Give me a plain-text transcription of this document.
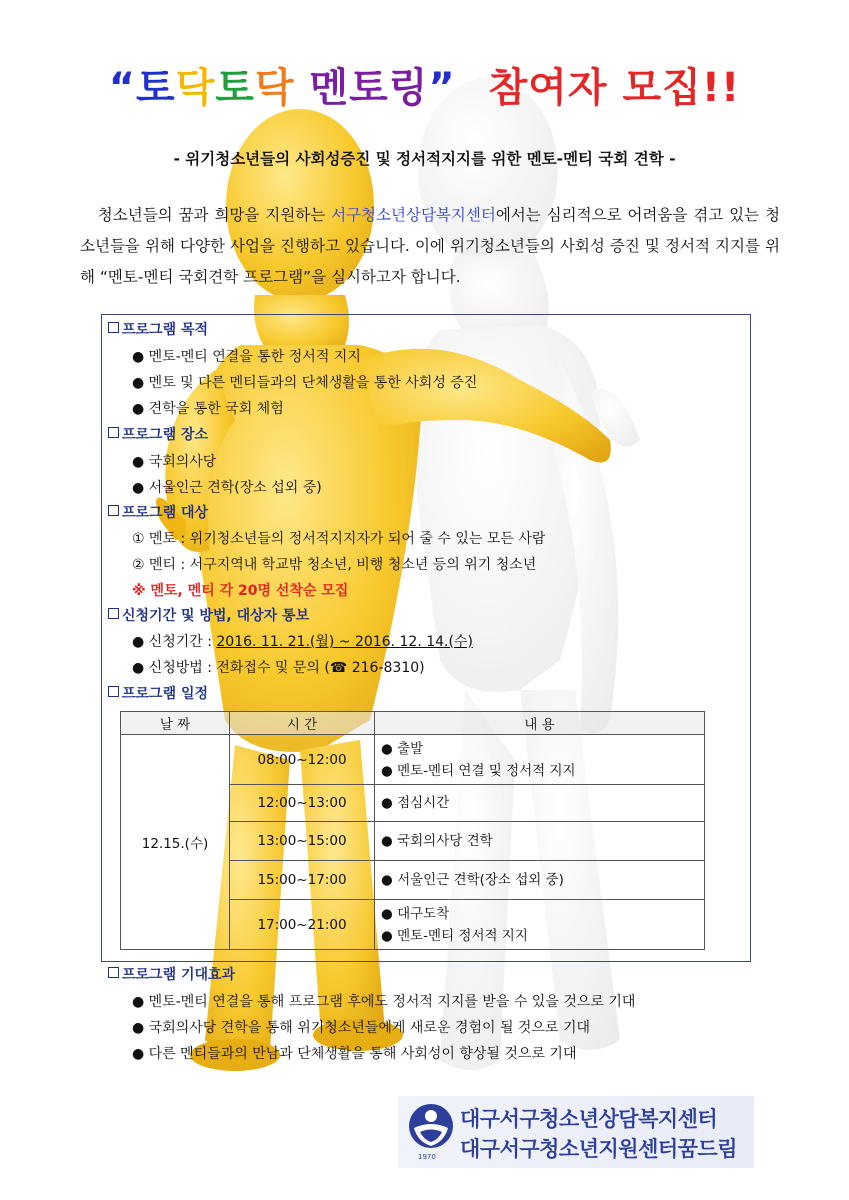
“토닥토닥 멘토링” 참여자 모집!!
- 위기청소년들의 사회성증진 및 정서적지지를 위한 멘토-멘티 국회 견학 -
청소년들의 꿈과 희망을 지원하는 서구청소년상담복지센터에서는 심리적으로 어려움을 겪고 있는 청소년들을 위해 다양한 사업을 진행하고 있습니다. 이에 위기청소년들의 사회성 증진 및 정서적 지지를 위해 “멘토-멘티 국회견학 프로그램”을 실시하고자 합니다.
프로그램 목적
● 멘토-멘티 연결을 통한 정서적 지지
● 멘토 및 다른 멘티들과의 단체생활을 통한 사회성 증진
● 견학을 통한 국회 체험
프로그램 장소
● 국회의사당
● 서울인근 견학(장소 섭외 중)
프로그램 대상
① 멘토 : 위기청소년들의 정서적지지자가 되어 줄 수 있는 모든 사람
② 멘티 : 서구지역내 학교밖 청소년, 비행 청소년 등의 위기 청소년
※ 멘토, 멘티 각 20명 선착순 모집
신청기간 및 방법, 대상자 통보
● 신청기간 : 2016. 11. 21.(월) ~ 2016. 12. 14.(수)
● 신청방법 : 전화접수 및 문의 (☎ 216-8310)
프로그램 일정
날 짜	시 간	내 용
12.15.(수)	08:00~12:00	● 출발
● 멘토-멘티 연결 및 정서적 지지

	12:00~13:00	● 점심시간

	13:00~15:00	● 국회의사당 견학

	15:00~17:00	● 서울인근 견학(장소 섭외 중)

	17:00~21:00	● 대구도착
● 멘토-멘티 정서적 지지
프로그램 기대효과
● 멘토-멘티 연결을 통해 프로그램 후에도 정서적 지지를 받을 수 있을 것으로 기대
● 국회의사당 견학을 통해 위기청소년들에게 새로운 경험이 될 것으로 기대
● 다른 멘티들과의 만남과 단체생활을 통해 사회성이 향상될 것으로 기대
1970
대구서구청소년상담복지센터
대구서구청소년지원센터꿈드림
